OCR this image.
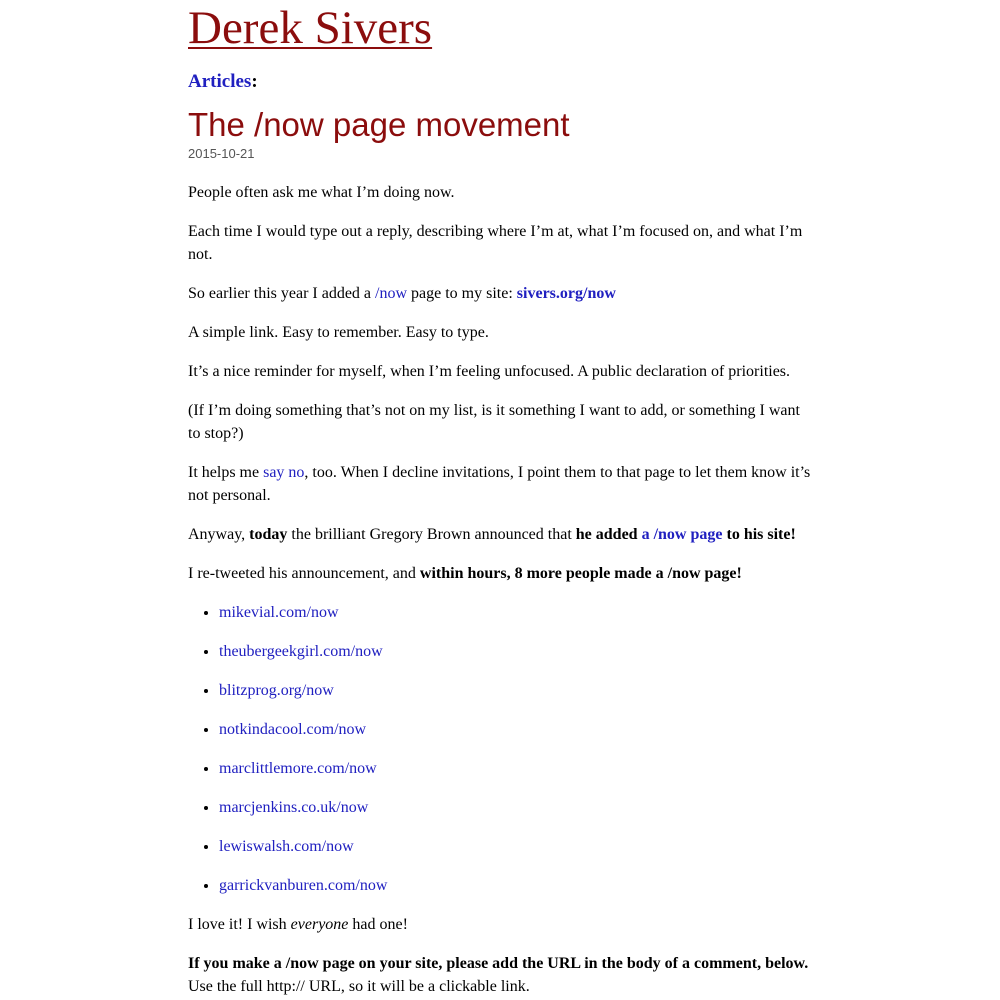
Derek Sivers
Articles:
The /now page movement
2015-10-21

People often ask me what I’m doing now.

Each time I would type out a reply, describing where I’m at, what I’m focused on, and what I’m not.

So earlier this year I added a /now page to my site: sivers.org/now

A simple link. Easy to remember. Easy to type.

It’s a nice reminder for myself, when I’m feeling unfocused. A public declaration of priorities.

(If I’m doing something that’s not on my list, is it something I want to add, or something I want to stop?)

It helps me say no, too. When I decline invitations, I point them to that page to let them know it’s not personal.

Anyway, today the brilliant Gregory Brown announced that he added a /now page to his site!

I re-tweeted his announcement, and within hours, 8 more people made a /now page!

• mikevial.com/now
• theubergeekgirl.com/now
• blitzprog.org/now
• notkindacool.com/now
• marclittlemore.com/now
• marcjenkins.co.uk/now
• lewiswalsh.com/now
• garrickvanburen.com/now

I love it! I wish everyone had one!

If you make a /now page on your site, please add the URL in the body of a comment, below.
Use the full http:// URL, so it will be a clickable link.
